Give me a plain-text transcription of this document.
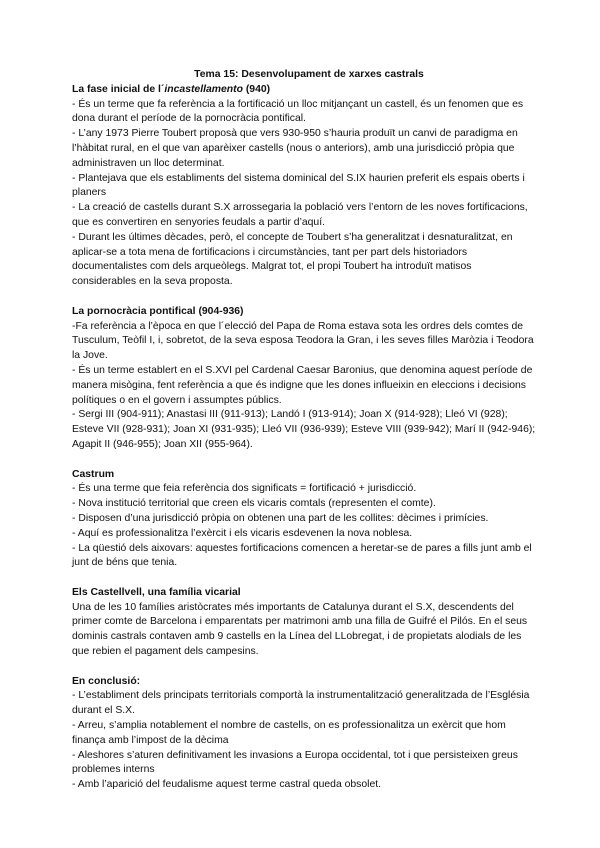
Tema 15: Desenvolupament de xarxes castrals
La fase inicial de l´incastellamento (940)

- És un terme que fa referència a la fortificació un lloc mitjançant un castell, és un fenomen que es dona durant el període de la pornocràcia pontifical.

- L’any 1973 Pierre Toubert proposà que vers 930-950 s’hauria produït un canvi de paradigma en l’hàbitat rural, en el que van aparèixer castells (nous o anteriors), amb una jurisdicció pròpia que administraven un lloc determinat.

- Plantejava que els establiments del sistema dominical del S.IX haurien preferit els espais oberts i planers

- La creació de castells durant S.X arrossegaria la població vers l’entorn de les noves fortificacions, que es convertiren en senyories feudals a partir d’aquí.

- Durant les últimes dècades, però, el concepte de Toubert s’ha generalitzat i desnaturalitzat, en aplicar-se a tota mena de fortificacions i circumstàncies, tant per part dels historiadors documentalistes com dels arqueòlegs. Malgrat tot, el propi Toubert ha introduït matisos considerables en la seva proposta.

La pornocràcia pontifical (904-936)

-Fa referència a l’època en que l´elecció del Papa de Roma estava sota les ordres dels comtes de Tusculum, Teòfil I, i, sobretot, de la seva esposa Teodora la Gran, i les seves filles Maròzia i Teodora la Jove.

- És un terme establert en el S.XVI pel Cardenal Caesar Baronius, que denomina aquest període de manera misògina, fent referència a que és indigne que les dones influeixin en eleccions i decisions polítiques o en el govern i assumptes públics.

- Sergi III (904-911); Anastasi III (911-913); Landó I (913-914); Joan X (914-928); Lleó VI (928); Esteve VII (928-931); Joan XI (931-935); Lleó VII (936-939); Esteve VIII (939-942); Marí II (942-946); Agapit II (946-955); Joan XII (955-964).

Castrum

- És una terme que feia referència dos significats = fortificació + jurisdicció.

- Nova institució territorial que creen els vicaris comtals (representen el comte).

- Disposen d’una jurisdicció pròpia on obtenen una part de les collites: dècimes i primícies.

- Aquí es professionalitza l’exèrcit i els vicaris esdevenen la nova noblesa.

- La qüestió dels aixovars: aquestes fortificacions comencen a heretar-se de pares a fills junt amb el junt de béns que tenia.

Els Castellvell, una família vicarial

Una de les 10 famílies aristòcrates més importants de Catalunya durant el S.X, descendents del primer comte de Barcelona i emparentats per matrimoni amb una filla de Guifré el Pilós. En el seus dominis castrals contaven amb 9 castells en la Línea del LLobregat, i de propietats alodials de les que rebien el pagament dels campesins.

En conclusió:

- L’establiment dels principats territorials comportà la instrumentalització generalitzada de l’Església durant el S.X.

- Arreu, s’amplia notablement el nombre de castells, on es professionalitza un exèrcit que hom finança amb l’impost de la dècima

- Aleshores s’aturen definitivament les invasions a Europa occidental, tot i que persisteixen greus problemes interns

- Amb l’aparició del feudalisme aquest terme castral queda obsolet.
